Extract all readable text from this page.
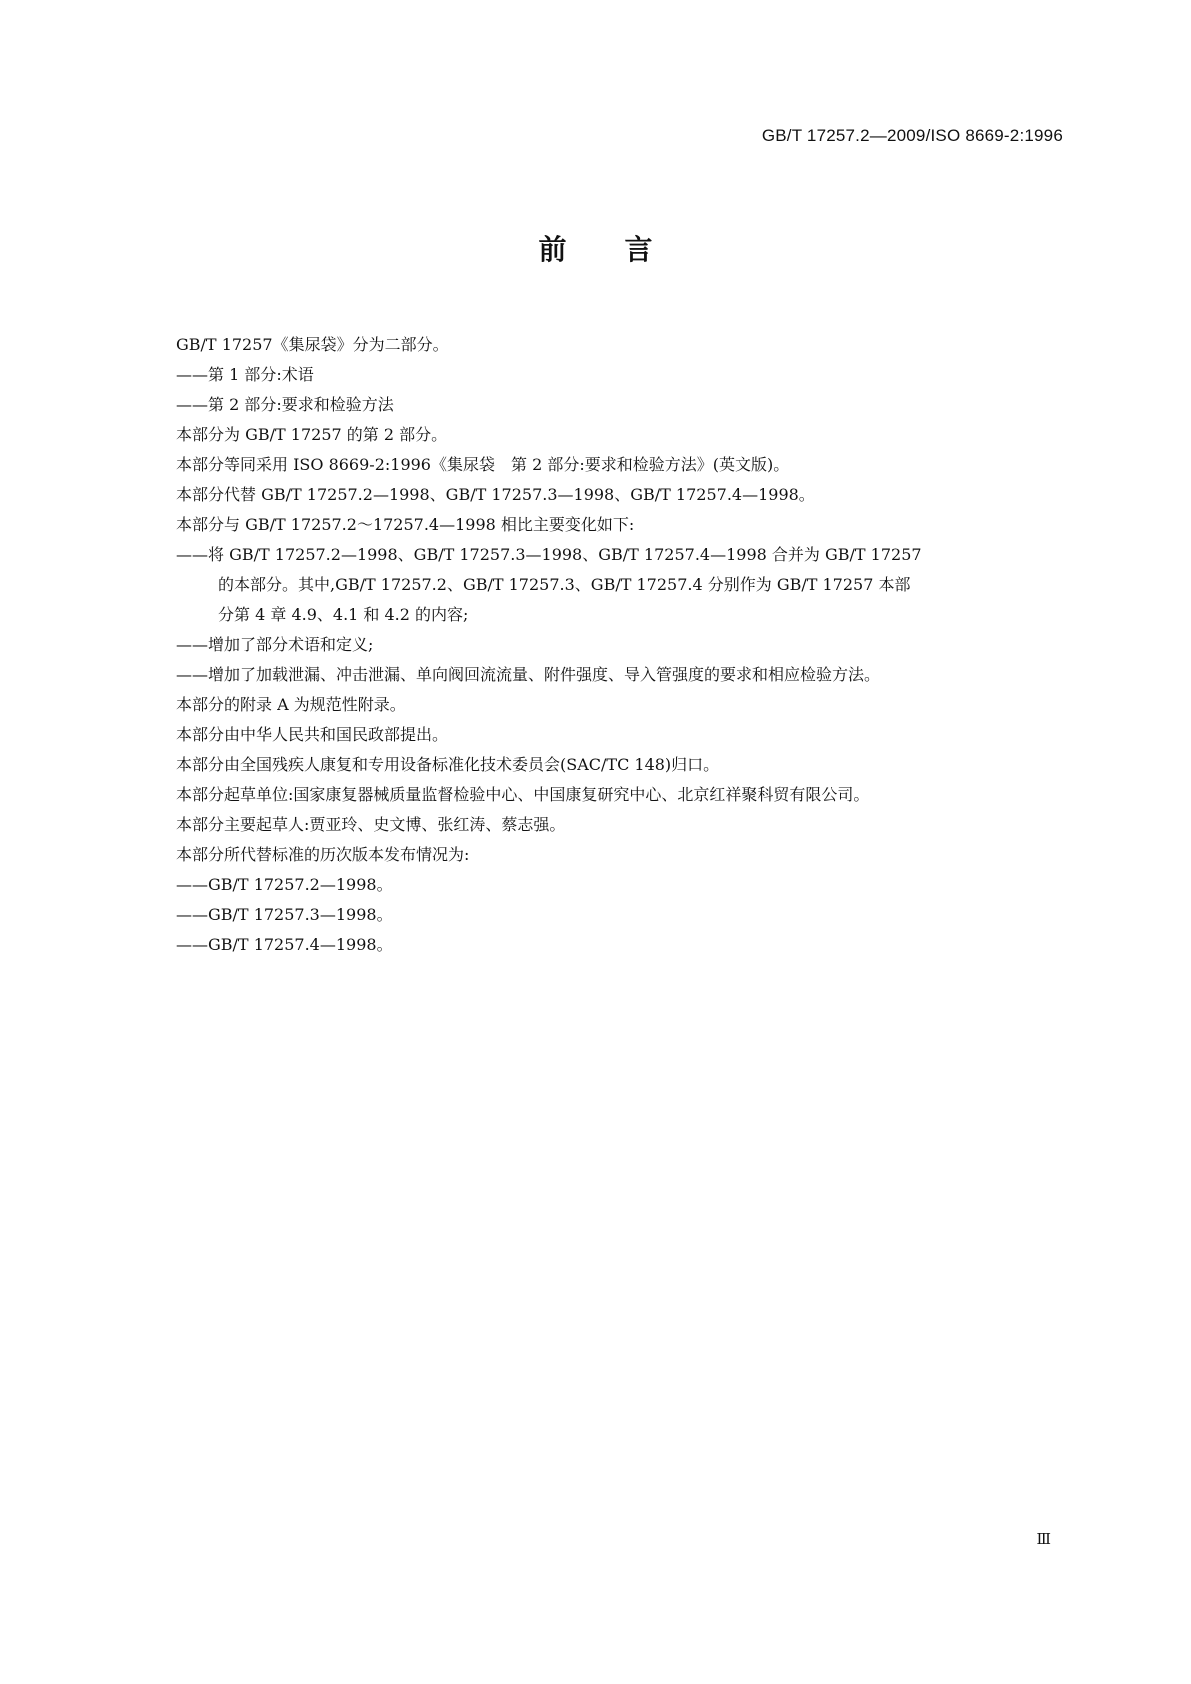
GB/T 17257.2—2009/ISO 8669-2:1996
前言
GB/T 17257《集尿袋》分为二部分。
——第 1 部分:术语
——第 2 部分:要求和检验方法
本部分为 GB/T 17257 的第 2 部分。
本部分等同采用 ISO 8669-2:1996《集尿袋　第 2 部分:要求和检验方法》(英文版)。
本部分代替 GB/T 17257.2—1998、GB/T 17257.3—1998、GB/T 17257.4—1998。
本部分与 GB/T 17257.2～17257.4—1998 相比主要变化如下:
——将 GB/T 17257.2—1998、GB/T 17257.3—1998、GB/T 17257.4—1998 合并为 GB/T 17257
的本部分。其中,GB/T 17257.2、GB/T 17257.3、GB/T 17257.4 分别作为 GB/T 17257 本部
分第 4 章 4.9、4.1 和 4.2 的内容;
——增加了部分术语和定义;
——增加了加载泄漏、冲击泄漏、单向阀回流流量、附件强度、导入管强度的要求和相应检验方法。
本部分的附录 A 为规范性附录。
本部分由中华人民共和国民政部提出。
本部分由全国残疾人康复和专用设备标准化技术委员会(SAC/TC 148)归口。
本部分起草单位:国家康复器械质量监督检验中心、中国康复研究中心、北京红祥聚科贸有限公司。
本部分主要起草人:贾亚玲、史文博、张红涛、蔡志强。
本部分所代替标准的历次版本发布情况为:
——GB/T 17257.2—1998。
——GB/T 17257.3—1998。
——GB/T 17257.4—1998。
Ⅲ
